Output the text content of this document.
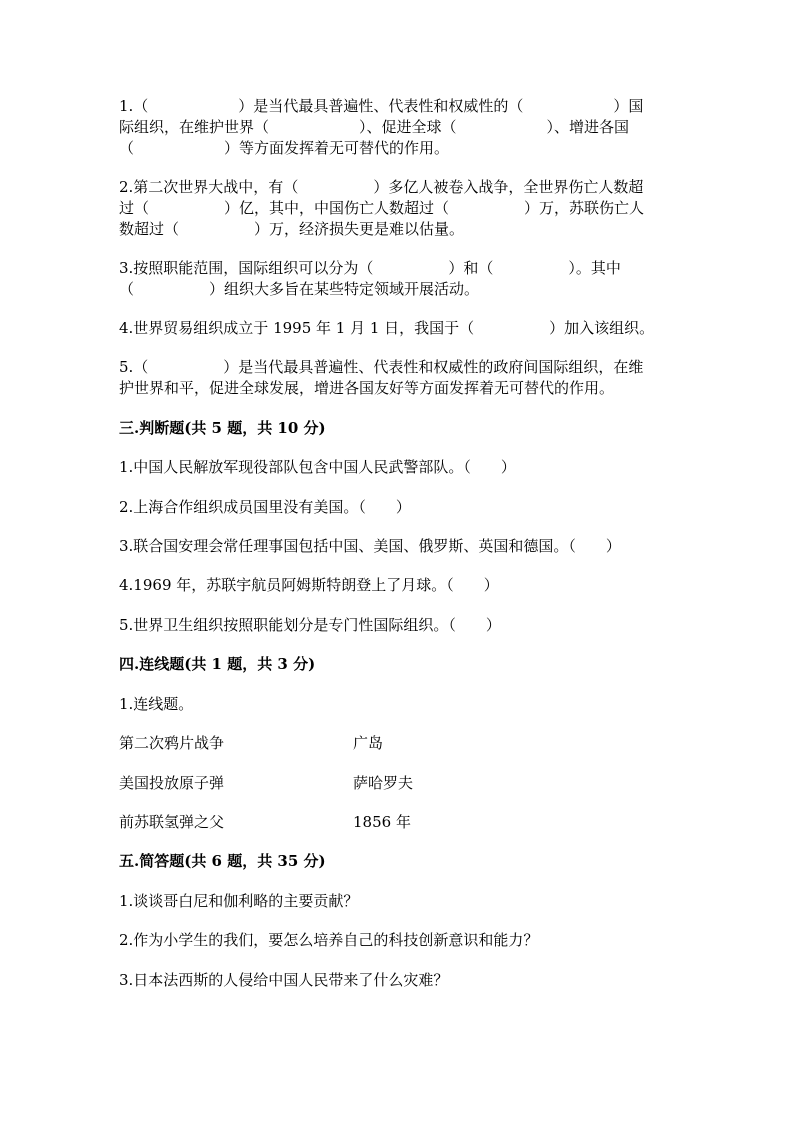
1.（　　　　　　）是当代最具普遍性、代表性和权威性的（　　　　　　）国
际组织，在维护世界（　　　　　　）、促进全球（　　　　　　）、增进各国
（　　　　　　）等方面发挥着无可替代的作用。
2.第二次世界大战中，有（　　　　　）多亿人被卷入战争，全世界伤亡人数超
过（　　　　　）亿，其中，中国伤亡人数超过（　　　　　）万，苏联伤亡人
数超过（　　　　　）万，经济损失更是难以估量。
3.按照职能范围，国际组织可以分为（　　　　　）和（　　　　　）。其中
（　　　　　）组织大多旨在某些特定领域开展活动。
4.世界贸易组织成立于 1995 年 1 月 1 日，我国于（　　　　　）加入该组织。
5.（　　　　　）是当代最具普遍性、代表性和权威性的政府间国际组织，在维
护世界和平，促进全球发展，增进各国友好等方面发挥着无可替代的作用。
三.判断题(共 5 题，共 10 分)
1.中国人民解放军现役部队包含中国人民武警部队。（　　）
2.上海合作组织成员国里没有美国。（　　）
3.联合国安理会常任理事国包括中国、美国、俄罗斯、英国和德国。（　　）
4.1969 年，苏联宇航员阿姆斯特朗登上了月球。（　　）
5.世界卫生组织按照职能划分是专门性国际组织。（　　）
四.连线题(共 1 题，共 3 分)
1.连线题。
第二次鸦片战争	广岛
美国投放原子弹	萨哈罗夫
前苏联氢弹之父	1856 年
五.简答题(共 6 题，共 35 分)
1.谈谈哥白尼和伽利略的主要贡献？
2.作为小学生的我们，要怎么培养自己的科技创新意识和能力？
3.日本法西斯的人侵给中国人民带来了什么灾难？
